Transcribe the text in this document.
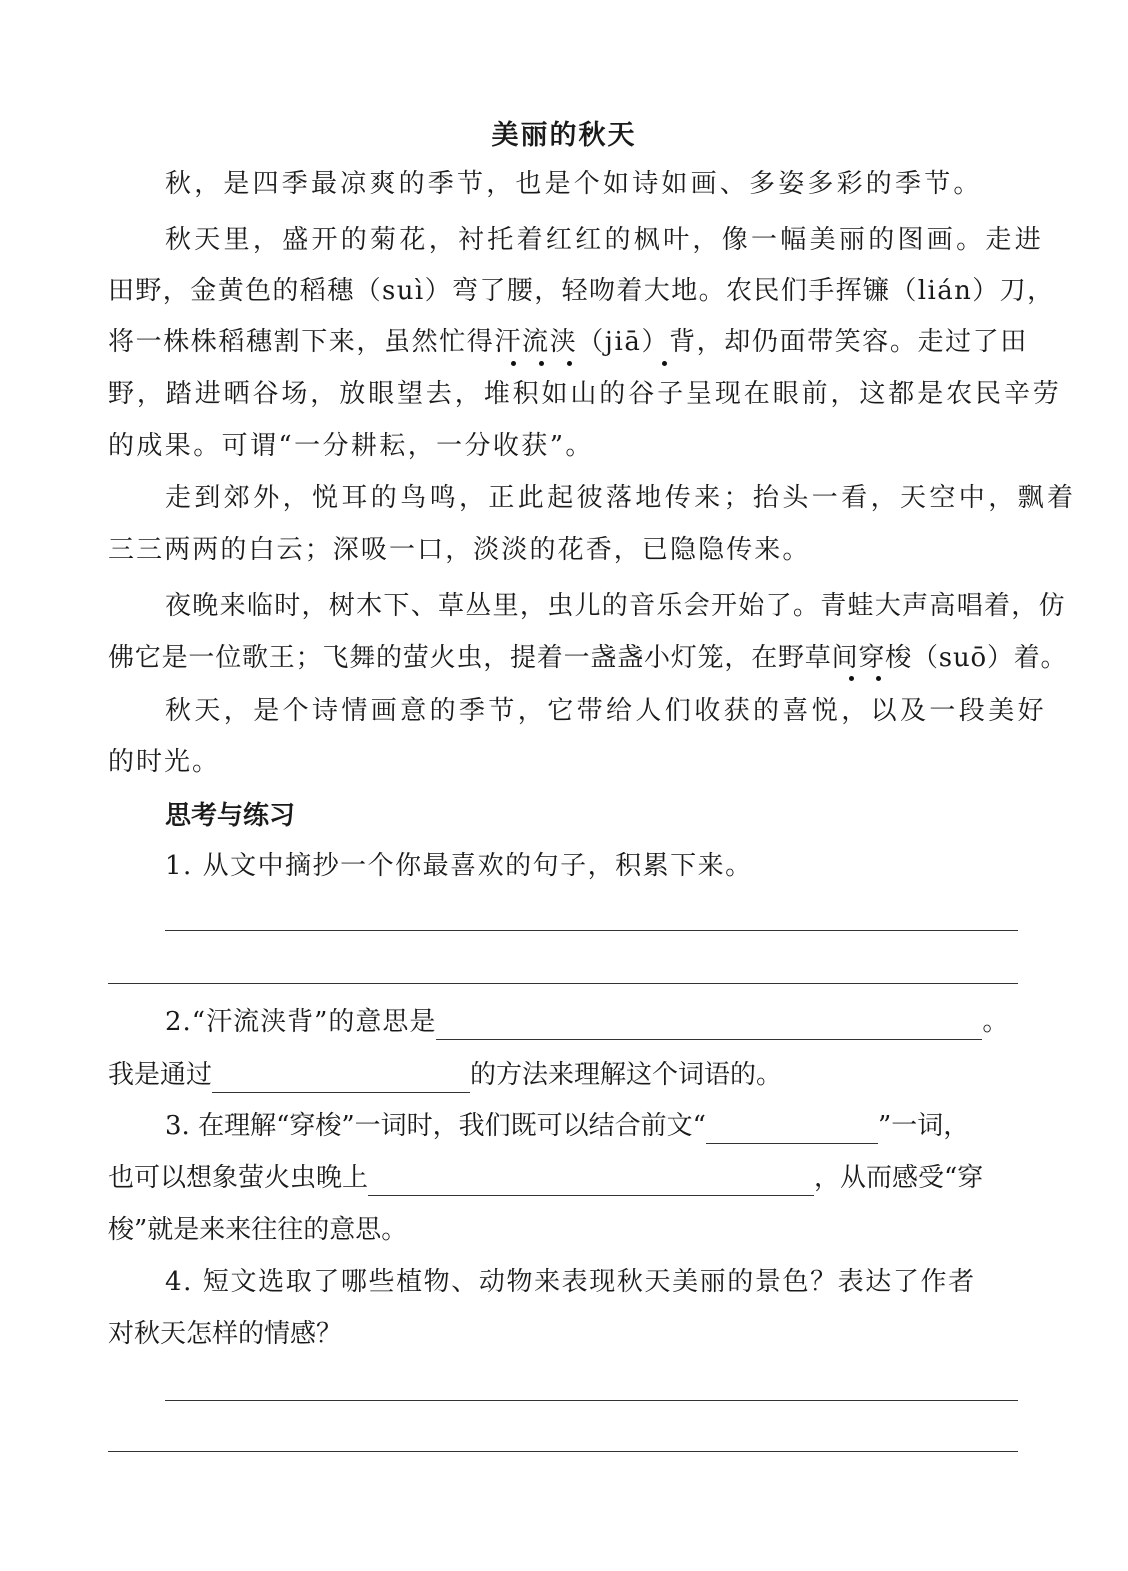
美丽的秋天
秋，是四季最凉爽的季节，也是个如诗如画、多姿多彩的季节。
秋天里，盛开的菊花，衬托着红红的枫叶，像一幅美丽的图画。走进
田野，金黄色的稻穗（suì）弯了腰，轻吻着大地。农民们手挥镰（lián）刀，
将一株株稻穗割下来，虽然忙得汗流浃（jiā）背，却仍面带笑容。走过了田
野，踏进晒谷场，放眼望去，堆积如山的谷子呈现在眼前，这都是农民辛劳
的成果。可谓“一分耕耘，一分收获”。
走到郊外，悦耳的鸟鸣，正此起彼落地传来；抬头一看，天空中，飘着
三三两两的白云；深吸一口，淡淡的花香，已隐隐传来。
夜晚来临时，树木下、草丛里，虫儿的音乐会开始了。青蛙大声高唱着，仿
佛它是一位歌王；飞舞的萤火虫，提着一盏盏小灯笼，在野草间穿梭（suō）着。
秋天，是个诗情画意的季节，它带给人们收获的喜悦，以及一段美好
的时光。
思考与练习
1. 从文中摘抄一个你最喜欢的句子，积累下来。
2.“汗流浃背”的意思是	。
我是通过	的方法来理解这个词语的。
3. 在理解“穿梭”一词时，我们既可以结合前文“	”一词，
也可以想象萤火虫晚上	，从而感受“穿
梭”就是来来往往的意思。
4. 短文选取了哪些植物、动物来表现秋天美丽的景色？表达了作者
对秋天怎样的情感？
